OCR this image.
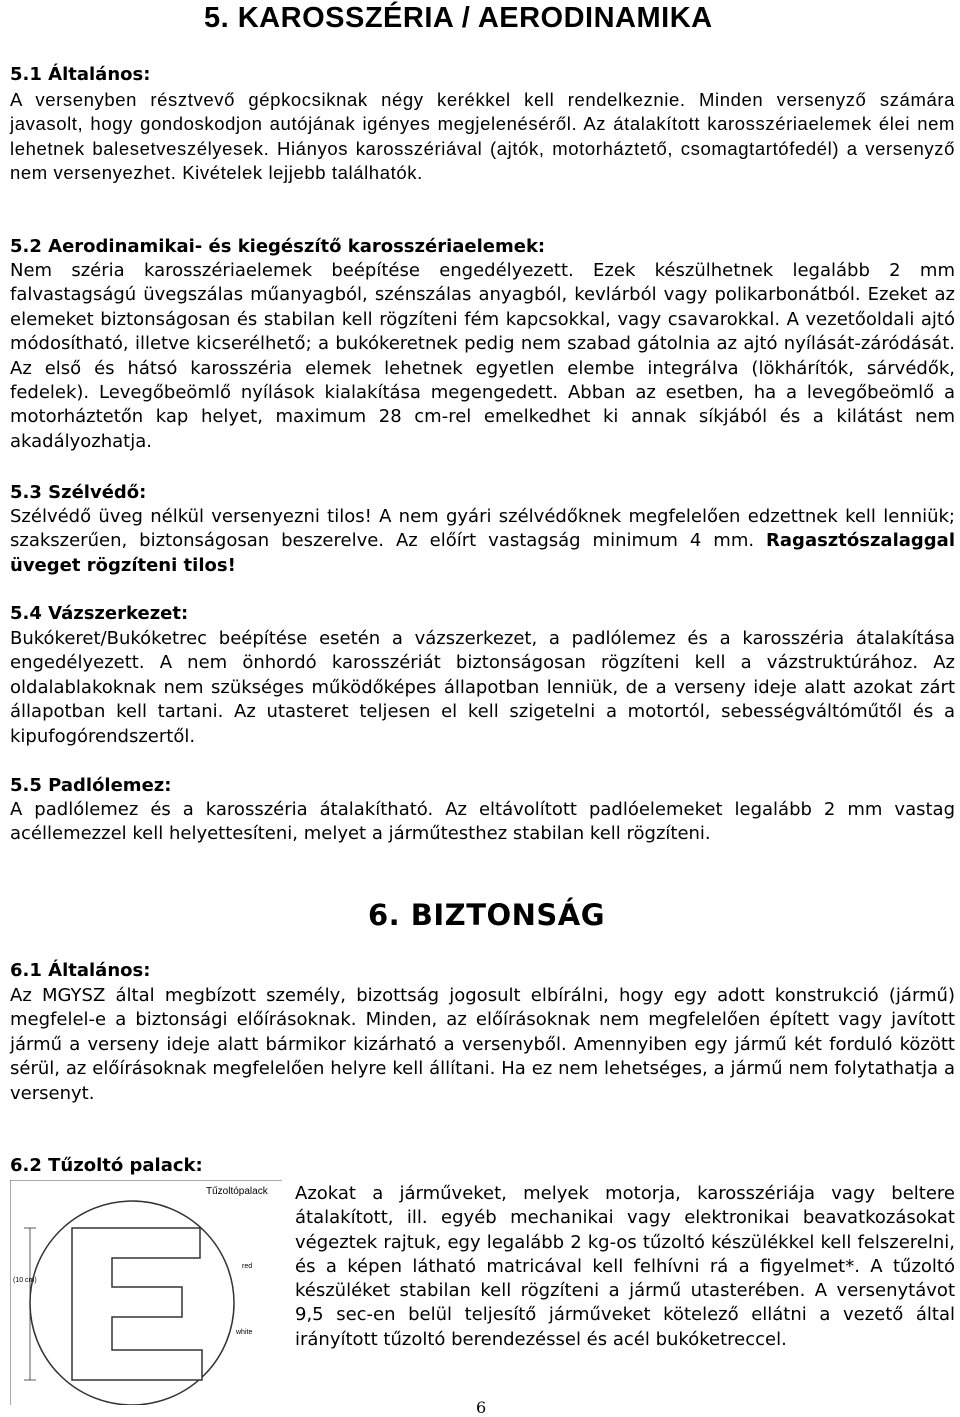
5. KAROSSZÉRIA / AERODINAMIKA
5.1 Általános:
A versenyben résztvevő gépkocsiknak négy kerékkel kell rendelkeznie. Minden versenyző számára javasolt, hogy gondoskodjon autójának igényes megjelenéséről. Az átalakított karosszériaelemek élei nem lehetnek balesetveszélyesek. Hiányos karosszériával (ajtók, motorháztető, csomagtartófedél) a versenyző nem versenyezhet. Kivételek lejjebb találhatók.
5.2 Aerodinamikai- és kiegészítő karosszériaelemek:
Nem széria karosszériaelemek beépítése engedélyezett. Ezek készülhetnek legalább 2 mm falvastagságú üvegszálas műanyagból, szénszálas anyagból, kevlárból vagy polikarbonátból. Ezeket az elemeket biztonságosan és stabilan kell rögzíteni fém kapcsokkal, vagy csavarokkal. A vezetőoldali ajtó módosítható, illetve kicserélhető; a bukókeretnek pedig nem szabad gátolnia az ajtó nyílását-záródását. Az első és hátsó karosszéria elemek lehetnek egyetlen elembe integrálva (lökhárítók, sárvédők, fedelek). Levegőbeömlő nyílások kialakítása megengedett. Abban az esetben, ha a levegőbeömlő a motorháztetőn kap helyet, maximum 28 cm-rel emelkedhet ki annak síkjából és a kilátást nem akadályozhatja.
5.3 Szélvédő:
Szélvédő üveg nélkül versenyezni tilos! A nem gyári szélvédőknek megfelelően edzettnek kell lenniük; szakszerűen, biztonságosan beszerelve. Az előírt vastagság minimum 4 mm. Ragasztószalaggal üveget rögzíteni tilos!
5.4 Vázszerkezet:
Bukókeret/Bukóketrec beépítése esetén a vázszerkezet, a padlólemez és a karosszéria átalakítása engedélyezett. A nem önhordó karosszériát biztonságosan rögzíteni kell a vázstruktúrához. Az oldalablakoknak nem szükséges működőképes állapotban lenniük, de a verseny ideje alatt azokat zárt állapotban kell tartani. Az utasteret teljesen el kell szigetelni a motortól, sebességváltóműtől és a kipufogórendszertől.
5.5 Padlólemez:
A padlólemez és a karosszéria átalakítható. Az eltávolított padlóelemeket legalább 2 mm vastag acéllemezzel kell helyettesíteni, melyet a járműtesthez stabilan kell rögzíteni.
6. BIZTONSÁG
6.1 Általános:
Az MGYSZ által megbízott személy, bizottság jogosult elbírálni, hogy egy adott konstrukció (jármű) megfelel-e a biztonsági előírásoknak. Minden, az előírásoknak nem megfelelően épített vagy javított jármű a verseny ideje alatt bármikor kizárható a versenyből. Amennyiben egy jármű két forduló között sérül, az előírásoknak megfelelően helyre kell állítani. Ha ez nem lehetséges, a jármű nem folytathatja a versenyt.
6.2 Tűzoltó palack:
(10 cm)
Tűzoltópalack
red
white
Azokat a járműveket, melyek motorja, karosszériája vagy beltere átalakított, ill. egyéb mechanikai vagy elektronikai beavatkozásokat végeztek rajtuk, egy legalább 2 kg-os tűzoltó készülékkel kell felszerelni, és a képen látható matricával kell felhívni rá a figyelmet*. A tűzoltó készüléket stabilan kell rögzíteni a jármű utasterében. A versenytávot 9,5 sec-en belül teljesítő járműveket kötelező ellátni a vezető által irányított tűzoltó berendezéssel és acél bukóketreccel.
6
